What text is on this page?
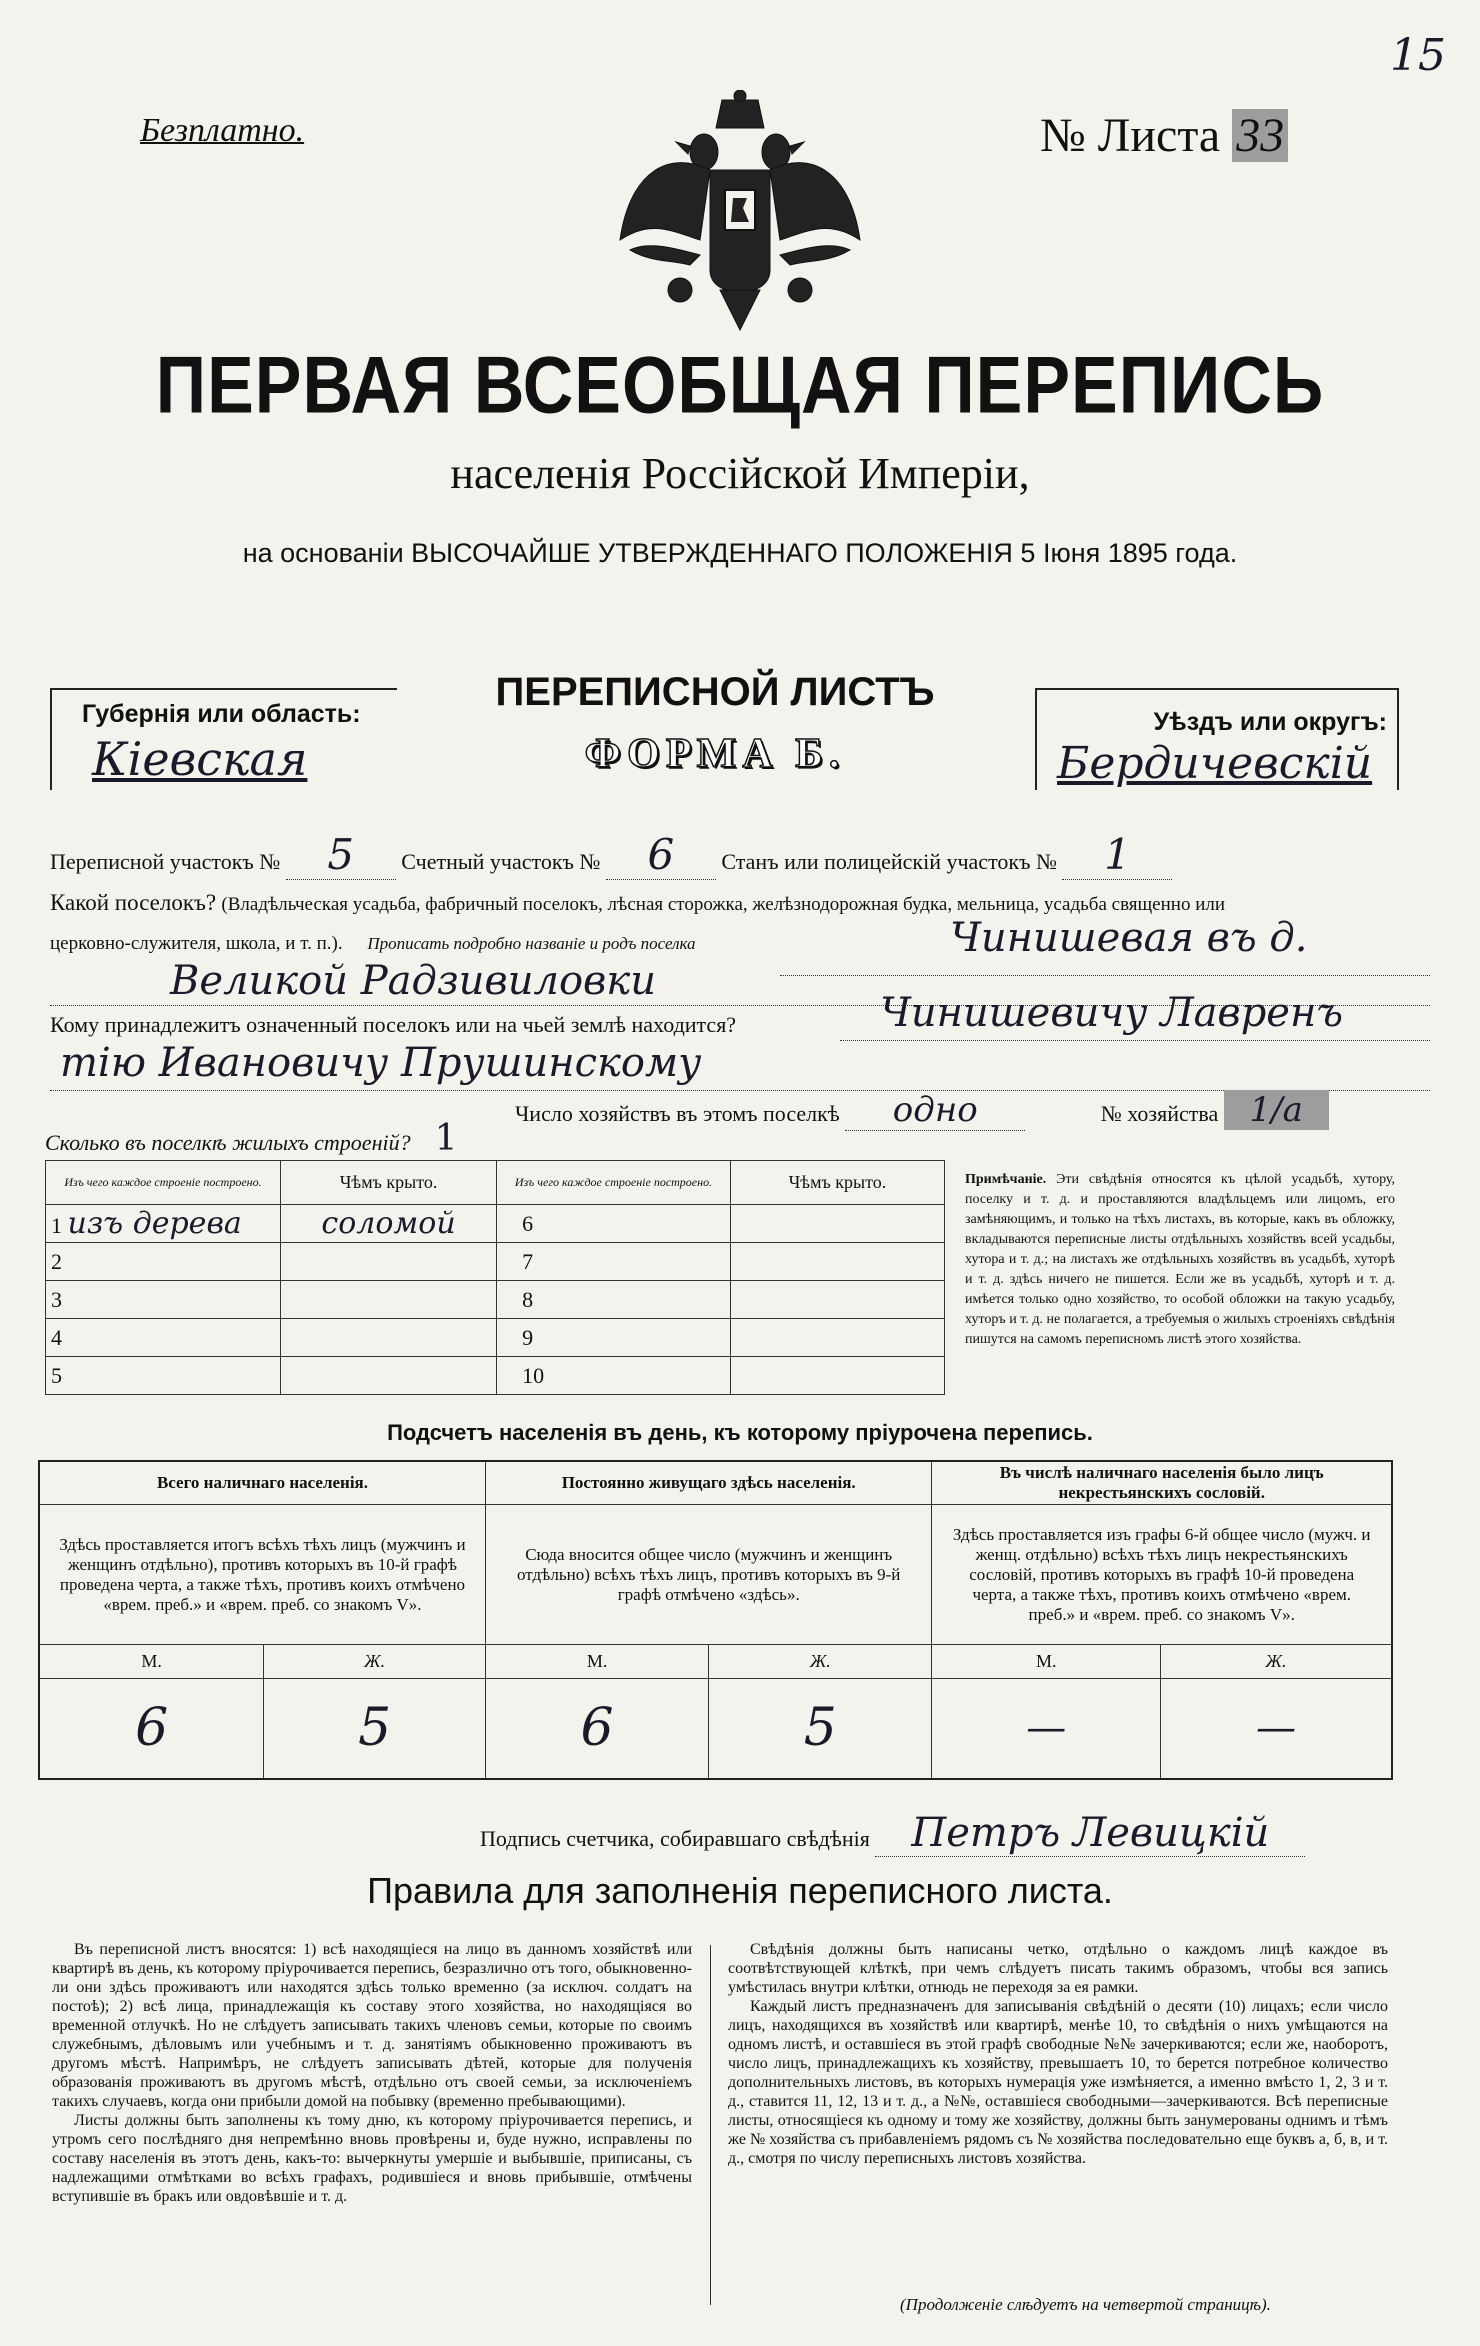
15
Безплатно.	№ Листа 33
ПЕРВАЯ ВСЕОБЩАЯ ПЕРЕПИСЬ
населенія Россійской Имперіи,
на основаніи ВЫСОЧАЙШЕ УТВЕРЖДЕННАГО ПОЛОЖЕНІЯ 5 Іюня 1895 года.
Губернія или область:
Кіевская
ПЕРЕПИСНОЙ ЛИСТЪ
ФОРМА Б.
Уѣздъ или округъ:
Бердичевскій
Переписной участокъ № 5 Счетный участокъ № 6 Станъ или полицейскій участокъ № 1
Какой поселокъ? (Владѣльческая усадьба, фабричный поселокъ, лѣсная сторожка, желѣзнодорожная будка, мельница, усадьба священно или
церковно-служителя, школа, и т. п.). Прописать подробно названіе и родъ поселка	Чинишевая въ д.
Великой Радзивиловки
Кому принадлежитъ означенный поселокъ или на чьей землѣ находится?	Чинишевичу Лавренъ
тію Ивановичу Прушинскому
Число хозяйствъ въ этомъ поселкѣ одно	№ хозяйства 1/а
Сколько въ поселкѣ жилыхъ строеній? 1
Изъ чего каждое строеніе построено.	Чѣмъ крыто.	Изъ чего каждое строеніе построено.	Чѣмъ крыто.
1 изъ дерева	соломой	6	
2		7	
3		8	
4		9	
5		10	
Примѣчаніе. Эти свѣдѣнія относятся къ цѣлой усадьбѣ, хутору, поселку и т. д. и проставляются владѣльцемъ или лицомъ, его замѣняющимъ, и только на тѣхъ листахъ, въ которые, какъ въ обложку, вкладываются переписные листы отдѣльныхъ хозяйствъ всей усадьбы, хутора и т. д.; на листахъ же отдѣльныхъ хозяйствъ въ усадьбѣ, хуторѣ и т. д. здѣсь ничего не пишется. Если же въ усадьбѣ, хуторѣ и т. д. имѣется только одно хозяйство, то особой обложки на такую усадьбу, хуторъ и т. д. не полагается, а требуемыя о жилыхъ строеніяхъ свѣдѣнія пишутся на самомъ переписномъ листѣ этого хозяйства.
Подсчетъ населенія въ день, къ которому пріурочена перепись.
Всего наличнаго населенія.		Постоянно живущаго здѣсь населенія.		Въ числѣ наличнаго населенія было лицъ некрестьянскихъ сословій.	
Здѣсь проставляется итогъ всѣхъ тѣхъ лицъ (мужчинъ и женщинъ отдѣльно), противъ которыхъ въ 10-й графѣ проведена черта, а также тѣхъ, противъ коихъ отмѣчено «врем. преб.» и «врем. преб. со знакомъ V».		Сюда вносится общее число (мужчинъ и женщинъ отдѣльно) всѣхъ тѣхъ лицъ, противъ которыхъ въ 9-й графѣ отмѣчено «здѣсь».		Здѣсь проставляется изъ графы 6-й общее число (мужч. и женщ. отдѣльно) всѣхъ тѣхъ лицъ некрестьянскихъ сословій, противъ которыхъ въ графѣ 10-й проведена черта, а также тѣхъ, противъ коихъ отмѣчено «врем. преб.» и «врем. преб. со знакомъ V».	
М.	Ж.	М.	Ж.	М.	Ж.
6	5	6	5	—	—
Подпись счетчика, собиравшаго свѣдѣнія Петръ Левицкій
Правила для заполненія переписного листа.

Въ переписной листъ вносятся: 1) всѣ находящіеся на лицо въ данномъ хозяйствѣ или квартирѣ въ день, къ которому пріурочивается перепись, безразлично отъ того, обыкновенно-ли они здѣсь проживаютъ или находятся здѣсь только временно (за исключ. солдатъ на постоѣ); 2) всѣ лица, принадлежащія къ составу этого хозяйства, но находящіяся во временной отлучкѣ. Но не слѣдуетъ записывать такихъ членовъ семьи, которые по своимъ служебнымъ, дѣловымъ или учебнымъ и т. д. занятіямъ обыкновенно проживаютъ въ другомъ мѣстѣ. Напримѣръ, не слѣдуетъ записывать дѣтей, которые для полученія образованія проживаютъ въ другомъ мѣстѣ, отдѣльно отъ своей семьи, за исключеніемъ такихъ случаевъ, когда они прибыли домой на побывку (временно пребывающими).

Листы должны быть заполнены къ тому дню, къ которому пріурочивается перепись, и утромъ сего послѣдняго дня непремѣнно вновь провѣрены и, буде нужно, исправлены по составу населенія въ этотъ день, какъ-то: вычеркнуты умершіе и выбывшіе, приписаны, съ надлежащими отмѣтками во всѣхъ графахъ, родившіеся и вновь прибывшіе, отмѣчены вступившіе въ бракъ или овдовѣвшіе и т. д.

Свѣдѣнія должны быть написаны четко, отдѣльно о каждомъ лицѣ каждое въ соотвѣтствующей клѣткѣ, при чемъ слѣдуетъ писать такимъ образомъ, чтобы вся запись умѣстилась внутри клѣтки, отнюдь не переходя за ея рамки.

Каждый листъ предназначенъ для записыванія свѣдѣній о десяти (10) лицахъ; если число лицъ, находящихся въ хозяйствѣ или квартирѣ, менѣе 10, то свѣдѣнія о нихъ умѣщаются на одномъ листѣ, и оставшіеся въ этой графѣ свободные №№ зачеркиваются; если же, наоборотъ, число лицъ, принадлежащихъ къ хозяйству, превышаетъ 10, то берется потребное количество дополнительныхъ листовъ, въ которыхъ нумерація уже измѣняется, а именно вмѣсто 1, 2, 3 и т. д., ставится 11, 12, 13 и т. д., а №№, оставшіеся свободными—зачеркиваются. Всѣ переписные листы, относящіеся къ одному и тому же хозяйству, должны быть занумерованы однимъ и тѣмъ же № хозяйства съ прибавленіемъ рядомъ съ № хозяйства последовательно еще буквъ а, б, в, и т. д., смотря по числу переписныхъ листовъ хозяйства.

(Продолженіе слѣдуетъ на четвертой страницѣ).
